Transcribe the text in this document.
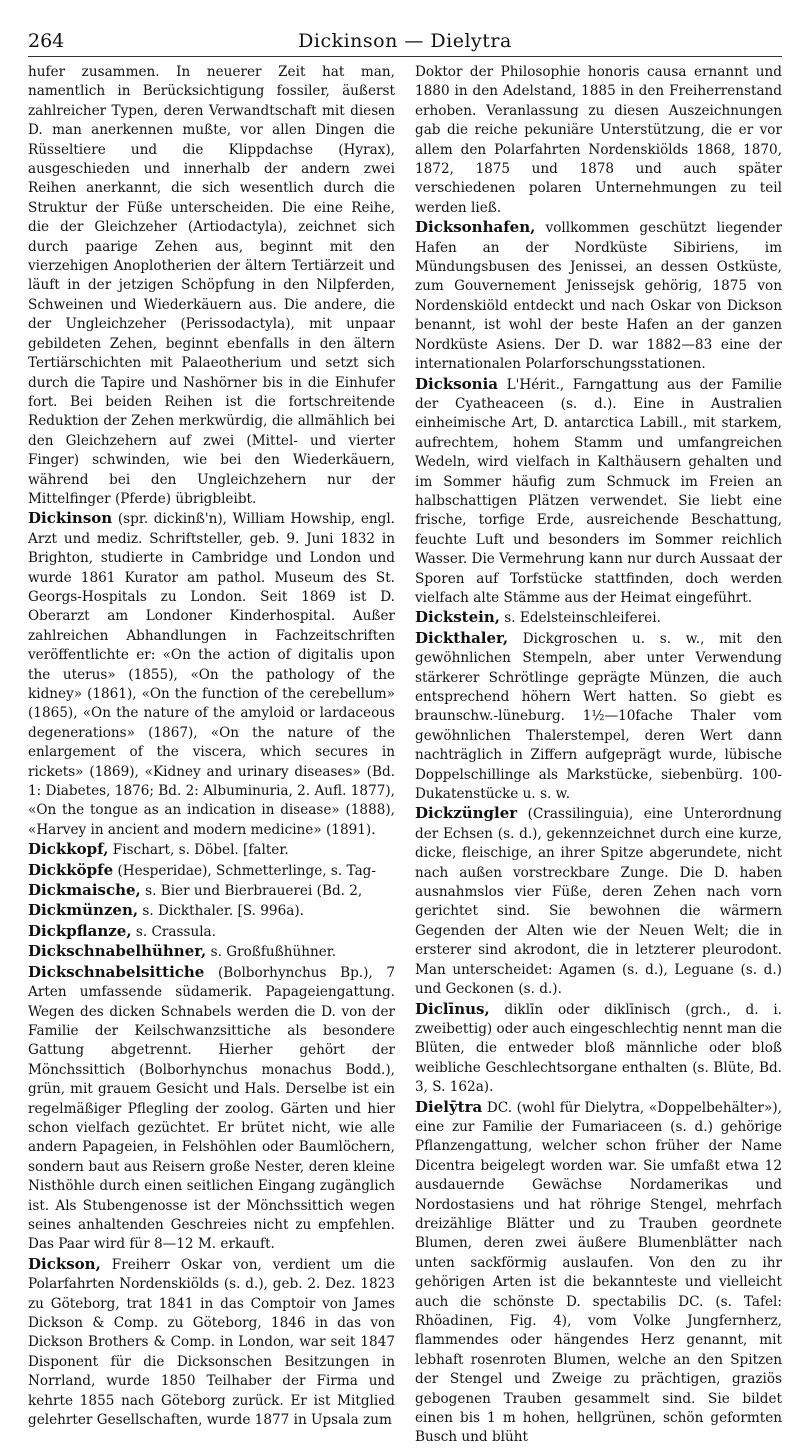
264	Dickinson — Dielytra

hufer zusammen. In neuerer Zeit hat man, namentlich in Berücksichtigung fossiler, äußerst zahlreicher Typen, deren Verwandtschaft mit diesen D. man anerkennen mußte, vor allen Dingen die Rüsseltiere und die Klippdachse (Hyrax), ausgeschieden und innerhalb der andern zwei Reihen anerkannt, die sich wesentlich durch die Struktur der Füße unterscheiden. Die eine Reihe, die der Gleichzeher (Artiodactyla), zeichnet sich durch paarige Zehen aus, beginnt mit den vierzehigen Anoplotherien der ältern Tertiärzeit und läuft in der jetzigen Schöpfung in den Nilpferden, Schweinen und Wiederkäuern aus. Die andere, die der Ungleichzeher (Perissodactyla), mit unpaar gebildeten Zehen, beginnt ebenfalls in den ältern Tertiärschichten mit Palaeotherium und setzt sich durch die Tapire und Nashörner bis in die Einhufer fort. Bei beiden Reihen ist die fortschreitende Reduktion der Zehen merkwürdig, die allmählich bei den Gleichzehern auf zwei (Mittel- und vierter Finger) schwinden, wie bei den Wiederkäuern, während bei den Ungleichzehern nur der Mittelfinger (Pferde) übrigbleibt.

Dickinson (spr. dickinß'n), William Howship, engl. Arzt und mediz. Schriftsteller, geb. 9. Juni 1832 in Brighton, studierte in Cambridge und London und wurde 1861 Kurator am pathol. Museum des St. Georgs-Hospitals zu London. Seit 1869 ist D. Oberarzt am Londoner Kinderhospital. Außer zahlreichen Abhandlungen in Fachzeitschriften veröffentlichte er: «On the action of digitalis upon the uterus» (1855), «On the pathology of the kidney» (1861), «On the function of the cerebellum» (1865), «On the nature of the amyloid or lardaceous degenerations» (1867), «On the nature of the enlargement of the viscera, which secures in rickets» (1869), «Kidney and urinary diseases» (Bd. 1: Diabetes, 1876; Bd. 2: Albuminuria, 2. Aufl. 1877), «On the tongue as an indication in disease» (1888), «Harvey in ancient and modern medicine» (1891).

Dickkopf, Fischart, s. Döbel. [falter.

Dickköpfe (Hesperidae), Schmetterlinge, s. Tag-

Dickmaische, s. Bier und Bierbrauerei (Bd. 2,

Dickmünzen, s. Dickthaler. [S. 996a).

Dickpflanze, s. Crassula.

Dickschnabelhühner, s. Großfußhühner.

Dickschnabelsittiche (Bolborhynchus Bp.), 7 Arten umfassende südamerik. Papageiengattung. Wegen des dicken Schnabels werden die D. von der Familie der Keilschwanzsittiche als besondere Gattung abgetrennt. Hierher gehört der Mönchssittich (Bolborhynchus monachus Bodd.), grün, mit grauem Gesicht und Hals. Derselbe ist ein regelmäßiger Pflegling der zoolog. Gärten und hier schon vielfach gezüchtet. Er brütet nicht, wie alle andern Papageien, in Felshöhlen oder Baumlöchern, sondern baut aus Reisern große Nester, deren kleine Nisthöhle durch einen seitlichen Eingang zugänglich ist. Als Stubengenosse ist der Mönchssittich wegen seines anhaltenden Geschreies nicht zu empfehlen. Das Paar wird für 8—12 M. erkauft.

Dickson, Freiherr Oskar von, verdient um die Polarfahrten Nordenskiölds (s. d.), geb. 2. Dez. 1823 zu Göteborg, trat 1841 in das Comptoir von James Dickson & Comp. zu Göteborg, 1846 in das von Dickson Brothers & Comp. in London, war seit 1847 Disponent für die Dicksonschen Besitzungen in Norrland, wurde 1850 Teilhaber der Firma und kehrte 1855 nach Göteborg zurück. Er ist Mitglied gelehrter Gesellschaften, wurde 1877 in Upsala zum

Doktor der Philosophie honoris causa ernannt und 1880 in den Adelstand, 1885 in den Freiherrenstand erhoben. Veranlassung zu diesen Auszeichnungen gab die reiche pekuniäre Unterstützung, die er vor allem den Polarfahrten Nordenskiölds 1868, 1870, 1872, 1875 und 1878 und auch später verschiedenen polaren Unternehmungen zu teil werden ließ.

Dicksonhafen, vollkommen geschützt liegender Hafen an der Nordküste Sibiriens, im Mündungsbusen des Jenissei, an dessen Ostküste, zum Gouvernement Jenissejsk gehörig, 1875 von Nordenskiöld entdeckt und nach Oskar von Dickson benannt, ist wohl der beste Hafen an der ganzen Nordküste Asiens. Der D. war 1882—83 eine der internationalen Polarforschungsstationen.

Dicksonia L'Hérit., Farngattung aus der Familie der Cyatheaceen (s. d.). Eine in Australien einheimische Art, D. antarctica Labill., mit starkem, aufrechtem, hohem Stamm und umfangreichen Wedeln, wird vielfach in Kalthäusern gehalten und im Sommer häufig zum Schmuck im Freien an halbschattigen Plätzen verwendet. Sie liebt eine frische, torfige Erde, ausreichende Beschattung, feuchte Luft und besonders im Sommer reichlich Wasser. Die Vermehrung kann nur durch Aussaat der Sporen auf Torfstücke stattfinden, doch werden vielfach alte Stämme aus der Heimat eingeführt.

Dickstein, s. Edelsteinschleiferei.

Dickthaler, Dickgroschen u. s. w., mit den gewöhnlichen Stempeln, aber unter Verwendung stärkerer Schrötlinge geprägte Münzen, die auch entsprechend höhern Wert hatten. So giebt es braunschw.-lüneburg. 1½—10fache Thaler vom gewöhnlichen Thalerstempel, deren Wert dann nachträglich in Ziffern aufgeprägt wurde, lübische Doppelschillinge als Markstücke, siebenbürg. 100-Dukatenstücke u. s. w.

Dickzüngler (Crassilinguia), eine Unterordnung der Echsen (s. d.), gekennzeichnet durch eine kurze, dicke, fleischige, an ihrer Spitze abgerundete, nicht nach außen vorstreckbare Zunge. Die D. haben ausnahmslos vier Füße, deren Zehen nach vorn gerichtet sind. Sie bewohnen die wärmern Gegenden der Alten wie der Neuen Welt; die in ersterer sind akrodont, die in letzterer pleurodont. Man unterscheidet: Agamen (s. d.), Leguane (s. d.) und Geckonen (s. d.).

Diclīnus, diklīn oder diklīnisch (grch., d. i. zweibettig) oder auch eingeschlechtig nennt man die Blüten, die entweder bloß männliche oder bloß weibliche Geschlechtsorgane enthalten (s. Blüte, Bd. 3, S. 162a).

Dielȳtra DC. (wohl für Dielytra, «Doppelbehälter»), eine zur Familie der Fumariaceen (s. d.) gehörige Pflanzengattung, welcher schon früher der Name Dicentra beigelegt worden war. Sie umfaßt etwa 12 ausdauernde Gewächse Nordamerikas und Nordostasiens und hat röhrige Stengel, mehrfach dreizählige Blätter und zu Trauben geordnete Blumen, deren zwei äußere Blumenblätter nach unten sackförmig auslaufen. Von den zu ihr gehörigen Arten ist die bekannteste und vielleicht auch die schönste D. spectabilis DC. (s. Tafel: Rhöadinen, Fig. 4), vom Volke Jungfernherz, flammendes oder hängendes Herz genannt, mit lebhaft rosenroten Blumen, welche an den Spitzen der Stengel und Zweige zu prächtigen, graziös gebogenen Trauben gesammelt sind. Sie bildet einen bis 1 m hohen, hellgrünen, schön geformten Busch und blüht
